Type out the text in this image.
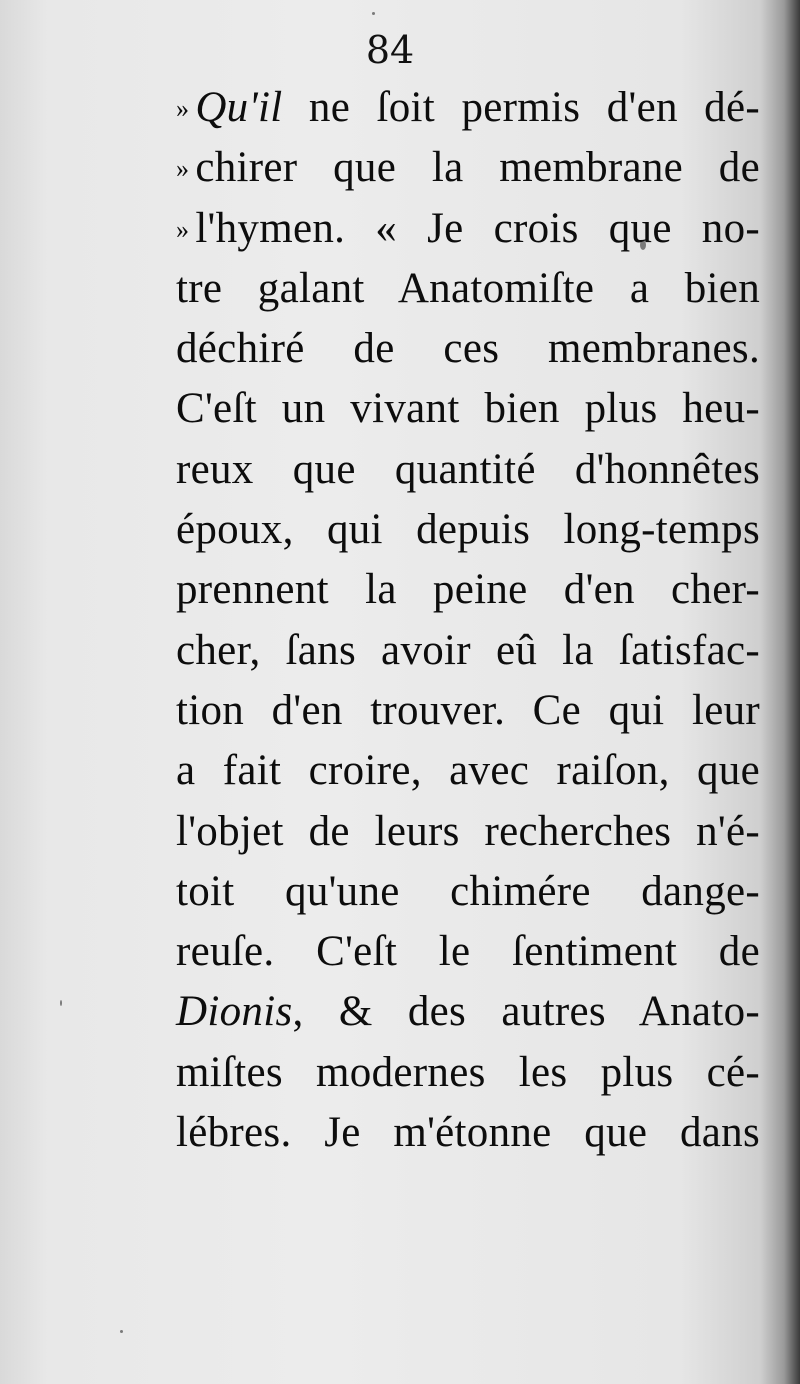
84
» Qu'il ne ſoit permis d'en dé-
» chirer que la membrane de
» l'hymen. « Je crois que no-
tre galant Anatomiſte a bien
déchiré de ces membranes.
C'eſt un vivant bien plus heu-
reux que quantité d'honnêtes
époux, qui depuis long-temps
prennent la peine d'en cher-
cher, ſans avoir eû la ſatisfac-
tion d'en trouver. Ce qui leur
a fait croire, avec raiſon, que
l'objet de leurs recherches n'é-
toit qu'une chimére dange-
reuſe. C'eſt le ſentiment de
Dionis, & des autres Anato-
miſtes modernes les plus cé-
lébres. Je m'étonne que dans
